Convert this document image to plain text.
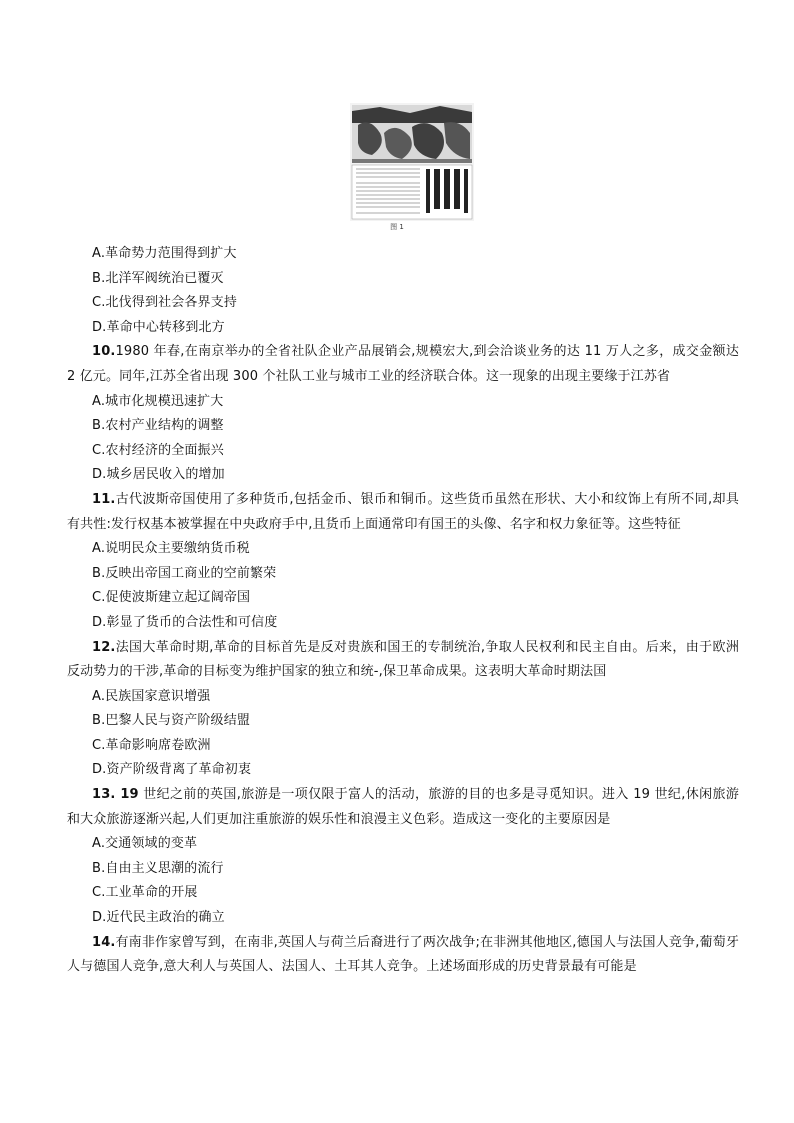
图 1
A.革命势力范围得到扩大
B.北洋军阀统治已覆灭
C.北伐得到社会各界支持
D.革命中心转移到北方
10.1980 年春,在南京举办的全省社队企业产品展销会,规模宏大,到会洽谈业务的达 11 万人之多，成交金额达 2 亿元。同年,江苏全省出现 300 个社队工业与城市工业的经济联合体。这一现象的出现主要缘于江苏省
A.城市化规模迅速扩大
B.农村产业结构的调整
C.农村经济的全面振兴
D.城乡居民收入的增加
11.古代波斯帝国使用了多种货币,包括金币、银币和铜币。这些货币虽然在形状、大小和纹饰上有所不同,却具有共性:发行权基本被掌握在中央政府手中,且货币上面通常印有国王的头像、名字和权力象征等。这些特征
A.说明民众主要缴纳货币税
B.反映出帝国工商业的空前繁荣
C.促使波斯建立起辽阔帝国
D.彰显了货币的合法性和可信度
12.法国大革命时期,革命的目标首先是反对贵族和国王的专制统治,争取人民权利和民主自由。后来，由于欧洲反动势力的干涉,革命的目标变为维护国家的独立和统-,保卫革命成果。这表明大革命时期法国
A.民族国家意识增强
B.巴黎人民与资产阶级结盟
C.革命影响席卷欧洲
D.资产阶级背离了革命初衷
13. 19 世纪之前的英国,旅游是一项仅限于富人的活动，旅游的目的也多是寻觅知识。进入 19 世纪,休闲旅游和大众旅游逐渐兴起,人们更加注重旅游的娱乐性和浪漫主义色彩。造成这一变化的主要原因是
A.交通领域的变革
B.自由主义思潮的流行
C.工业革命的开展
D.近代民主政治的确立
14.有南非作家曾写到，在南非,英国人与荷兰后裔进行了两次战争;在非洲其他地区,德国人与法国人竞争,葡萄牙人与德国人竞争,意大利人与英国人、法国人、土耳其人竞争。上述场面形成的历史背景最有可能是
